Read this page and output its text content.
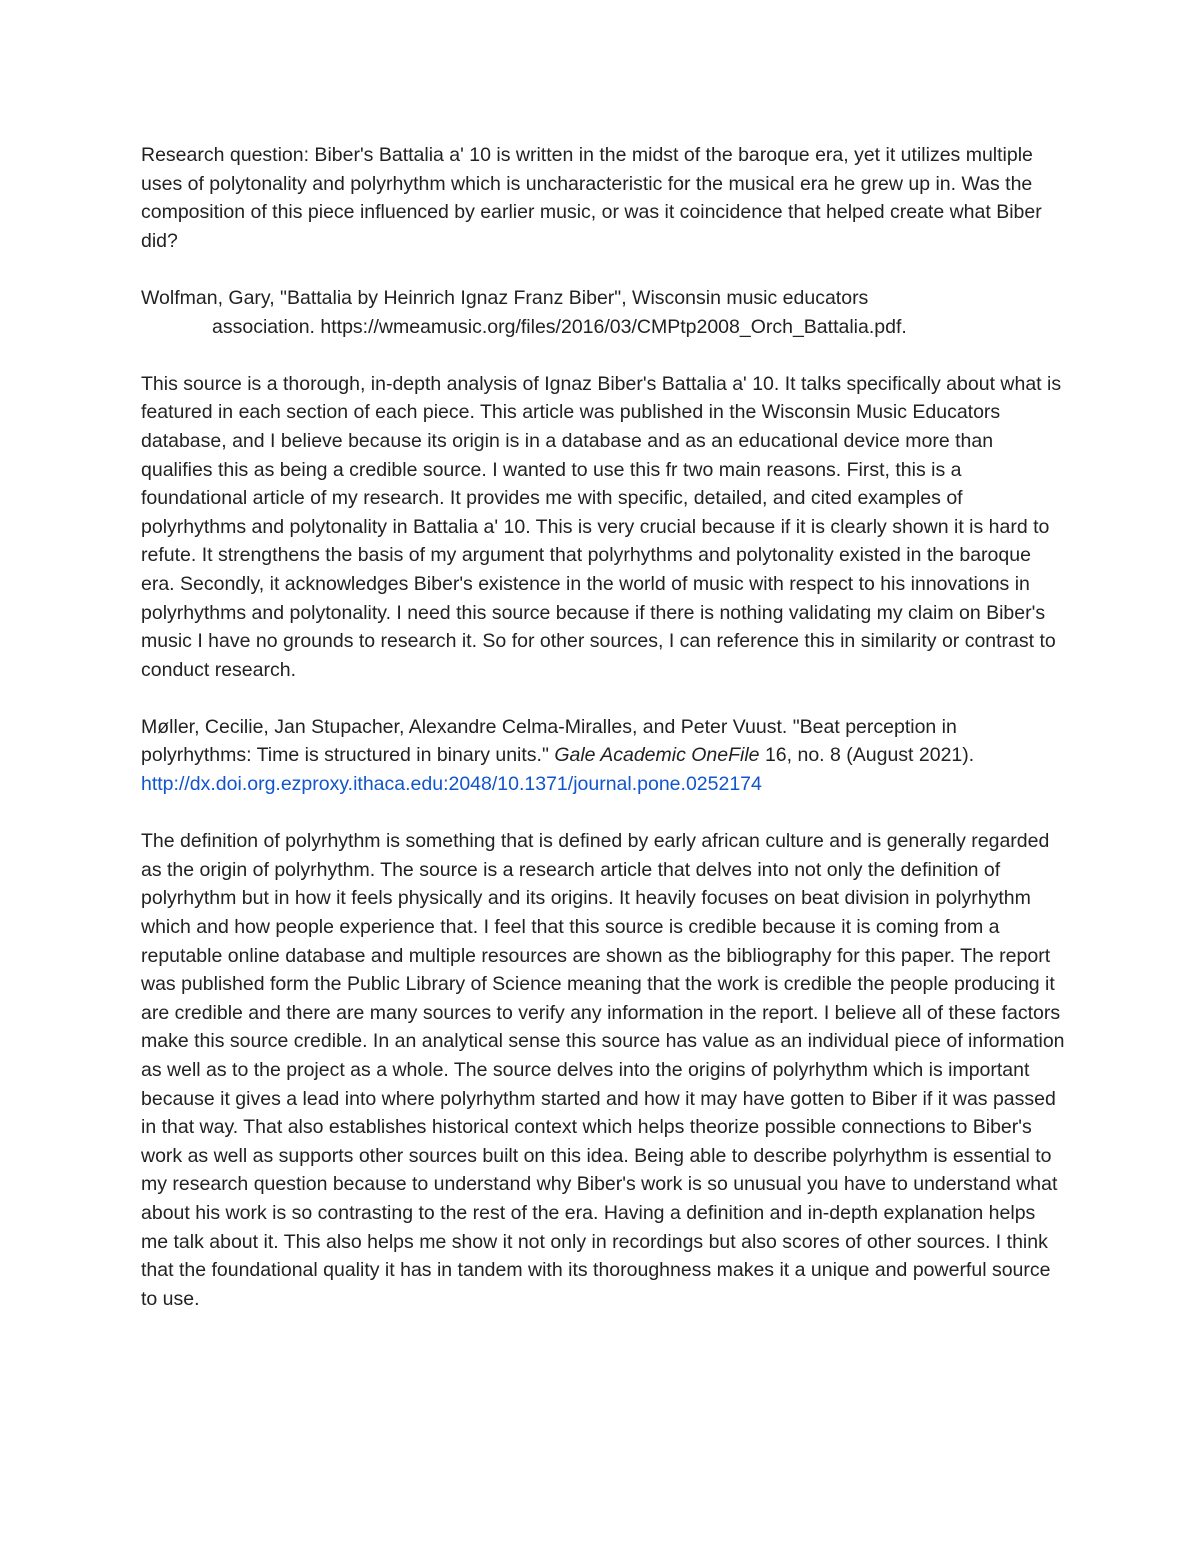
Research question: Biber's Battalia a' 10 is written in the midst of the baroque era, yet it utilizes multiple uses of polytonality and polyrhythm which is uncharacteristic for the musical era he grew up in. Was the composition of this piece influenced by earlier music, or was it coincidence that helped create what Biber did?

Wolfman, Gary, "Battalia by Heinrich Ignaz Franz Biber", Wisconsin music educators
association. https://wmeamusic.org/files/2016/03/CMPtp2008_Orch_Battalia.pdf.

This source is a thorough, in-depth analysis of Ignaz Biber's Battalia a' 10. It talks specifically about what is featured in each section of each piece. This article was published in the Wisconsin Music Educators database, and I believe because its origin is in a database and as an educational device more than qualifies this as being a credible source. I wanted to use this fr two main reasons. First, this is a foundational article of my research. It provides me with specific, detailed, and cited examples of polyrhythms and polytonality in Battalia a' 10. This is very crucial because if it is clearly shown it is hard to refute. It strengthens the basis of my argument that polyrhythms and polytonality existed in the baroque era. Secondly, it acknowledges Biber's existence in the world of music with respect to his innovations in polyrhythms and polytonality. I need this source because if there is nothing validating my claim on Biber's music I have no grounds to research it. So for other sources, I can reference this in similarity or contrast to conduct research.

Møller, Cecilie, Jan Stupacher, Alexandre Celma-Miralles, and Peter Vuust. "Beat perception in polyrhythms: Time is structured in binary units." Gale Academic OneFile 16, no. 8 (August 2021).
http://dx.doi.org.ezproxy.ithaca.edu:2048/10.1371/journal.pone.0252174

The definition of polyrhythm is something that is defined by early african culture and is generally regarded as the origin of polyrhythm. The source is a research article that delves into not only the definition of polyrhythm but in how it feels physically and its origins. It heavily focuses on beat division in polyrhythm which and how people experience that. I feel that this source is credible because it is coming from a reputable online database and multiple resources are shown as the bibliography for this paper. The report was published form the Public Library of Science meaning that the work is credible the people producing it are credible and there are many sources to verify any information in the report. I believe all of these factors make this source credible. In an analytical sense this source has value as an individual piece of information as well as to the project as a whole. The source delves into the origins of polyrhythm which is important because it gives a lead into where polyrhythm started and how it may have gotten to Biber if it was passed in that way. That also establishes historical context which helps theorize possible connections to Biber's work as well as supports other sources built on this idea. Being able to describe polyrhythm is essential to my research question because to understand why Biber's work is so unusual you have to understand what about his work is so contrasting to the rest of the era. Having a definition and in-depth explanation helps me talk about it. This also helps me show it not only in recordings but also scores of other sources. I think that the foundational quality it has in tandem with its thoroughness makes it a unique and powerful source to use.
